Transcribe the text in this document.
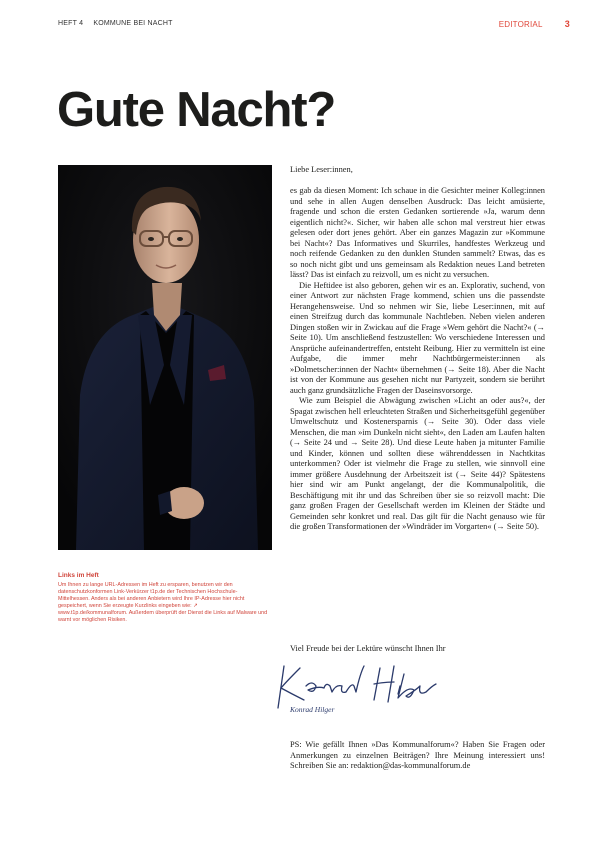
HEFT 4 KOMMUNE BEI NACHT	EDITORIAL 3
Gute Nacht?
Links im Heft
Um Ihnen zu lange URL-Adressen im Heft zu ersparen, benutzen wir den datenschutzkonformen Link-Verkürzer t1p.de der Technischen Hochschule-Mittelhessen. Anders als bei anderen Anbietern wird Ihre IP-Adresse hier nicht gespeichert, wenn Sie erzeugte Kurzlinks eingeben wie: ↗ www.t1p.de/kommunalforum. Außerdem überprüft der Dienst die Links auf Malware und warnt vor möglichen Risiken.

Liebe Leser:innen,

es gab da diesen Moment: Ich schaue in die Gesichter meiner Kolleg:innen und sehe in allen Augen denselben Ausdruck: Das leicht amüsierte, fragende und schon die ersten Gedanken sortierende »Ja, warum denn eigentlich nicht?«. Sicher, wir haben alle schon mal verstreut hier etwas gelesen oder dort jenes gehört. Aber ein ganzes Magazin zur »Kommune bei Nacht«? Das Informatives und Skurriles, handfestes Werkzeug und noch reifende Gedanken zu den dunklen Stunden sammelt? Etwas, das es so noch nicht gibt und uns gemeinsam als Redaktion neues Land betreten lässt? Das ist einfach zu reizvoll, um es nicht zu versuchen.

Die Heftidee ist also geboren, gehen wir es an. Explorativ, suchend, von einer Antwort zur nächsten Frage kommend, schien uns die passendste Herangehensweise. Und so nehmen wir Sie, liebe Leser:innen, mit auf einen Streifzug durch das kommunale Nachtleben. Neben vielen anderen Dingen stoßen wir in Zwickau auf die Frage »Wem gehört die Nacht?« (→ Seite 10). Um anschließend festzustellen: Wo verschiedene Interessen und Ansprüche aufeinandertreffen, entsteht Reibung. Hier zu vermitteln ist eine Aufgabe, die immer mehr Nachtbürgermeister:innen als »Dolmetscher:innen der Nacht« übernehmen (→ Seite 18). Aber die Nacht ist von der Kommune aus gesehen nicht nur Partyzeit, sondern sie berührt auch ganz grundsätzliche Fragen der Daseinsvorsorge.

Wie zum Beispiel die Abwägung zwischen »Licht an oder aus?«, der Spagat zwischen hell erleuchteten Straßen und Sicherheitsgefühl gegenüber Umweltschutz und Kostenersparnis (→ Seite 30). Oder dass viele Menschen, die man »im Dunkeln nicht sieht«, den Laden am Laufen halten (→ Seite 24 und → Seite 28). Und diese Leute haben ja mitunter Familie und Kinder, können und sollten diese währenddessen in Nachtkitas unterkommen? Oder ist vielmehr die Frage zu stellen, wie sinnvoll eine immer größere Ausdehnung der Arbeitszeit ist (→ Seite 44)? Spätestens hier sind wir am Punkt angelangt, der die Kommunalpolitik, die Beschäftigung mit ihr und das Schreiben über sie so reizvoll macht: Die ganz großen Fragen der Gesellschaft werden im Kleinen der Städte und Gemeinden sehr konkret und real. Das gilt für die Nacht genauso wie für die großen Transformationen der »Windräder im Vorgarten« (→ Seite 50).

Viel Freude bei der Lektüre wünscht Ihnen Ihr
Konrad Hilger

PS: Wie gefällt Ihnen »Das Kommunalforum«? Haben Sie Fragen oder Anmerkungen zu einzelnen Beiträgen? Ihre Meinung interessiert uns! Schreiben Sie an: redaktion@das-kommunalforum.de
